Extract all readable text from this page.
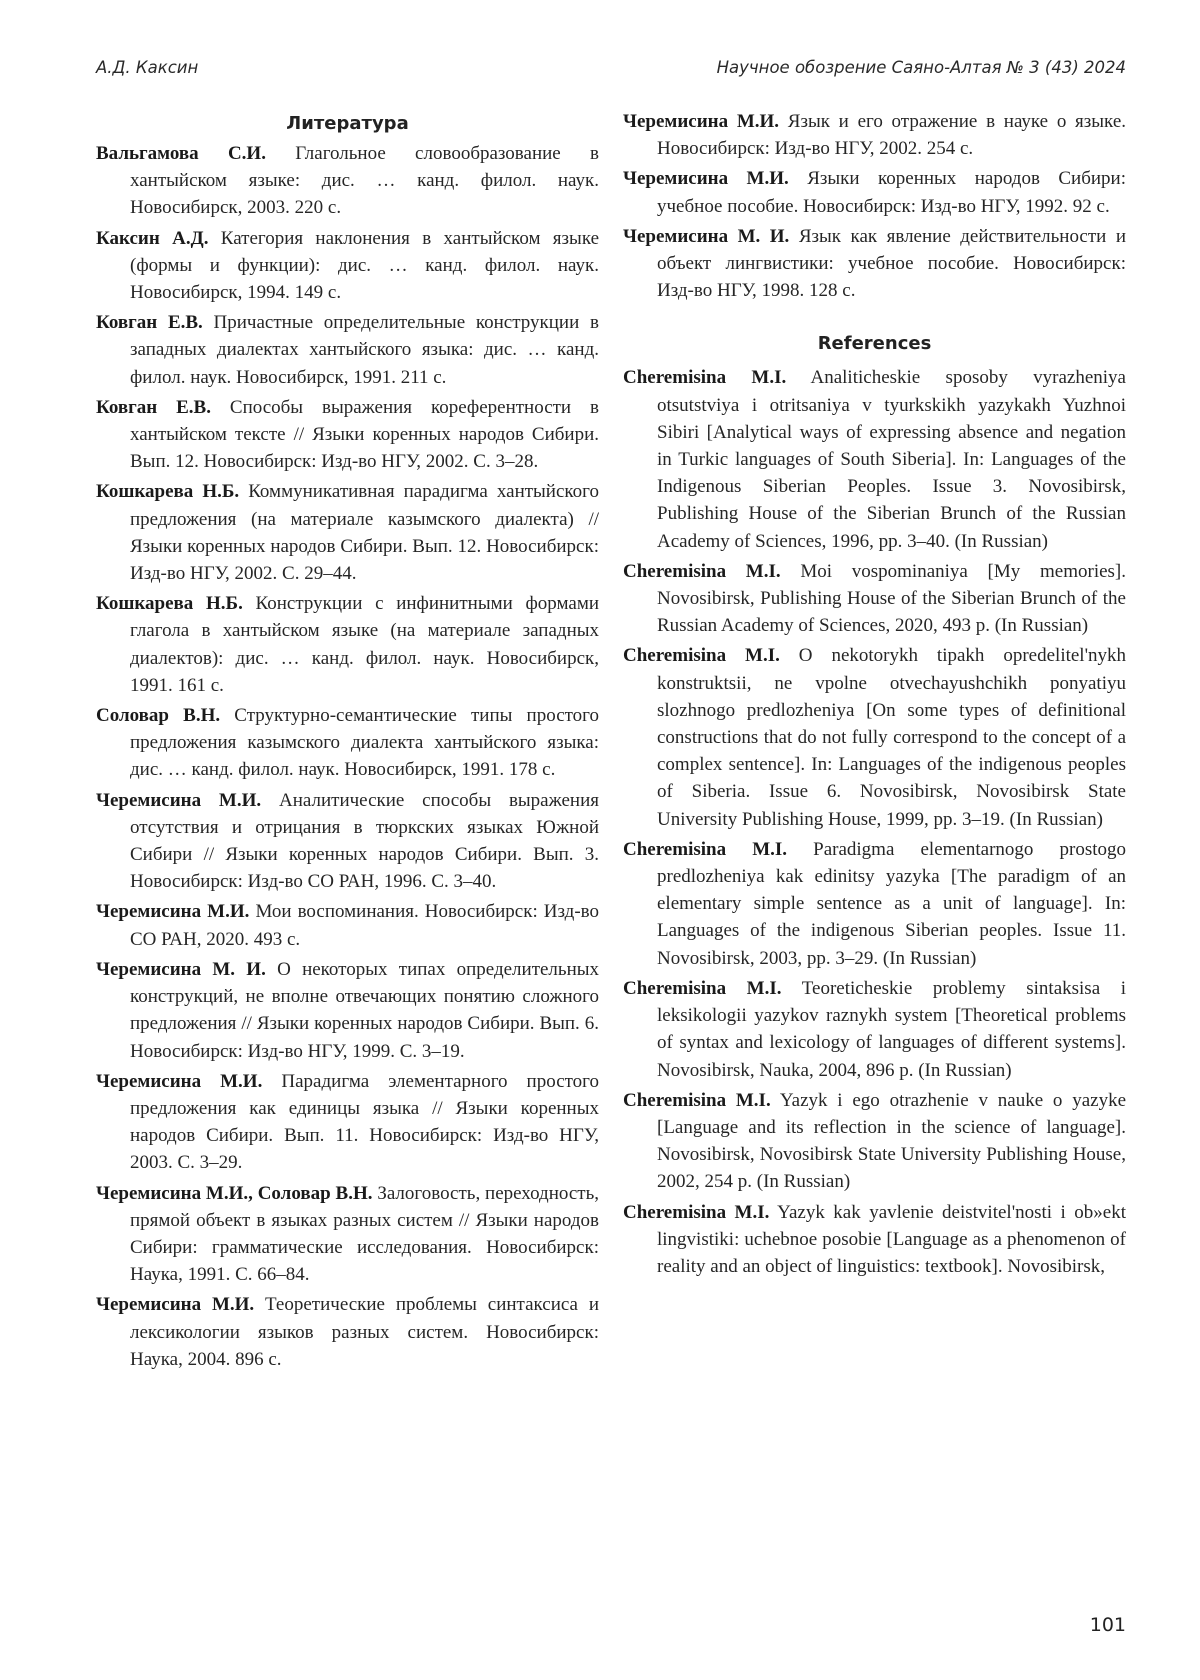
А.Д. Каксин	Научное обозрение Саяно-Алтая № 3 (43) 2024
Литература
Вальгамова С.И. Глагольное словообразование в хантыйском языке: дис. … канд. филол. наук. Новосибирск, 2003. 220 с.
Каксин А.Д. Категория наклонения в хантыйском языке (формы и функции): дис. … канд. филол. наук. Новосибирск, 1994. 149 с.
Ковган Е.В. Причастные определительные конструкции в западных диалектах хантыйского языка: дис. … канд. филол. наук. Новосибирск, 1991. 211 с.
Ковган Е.В. Способы выражения кореферентности в хантыйском тексте // Языки коренных народов Сибири. Вып. 12. Новосибирск: Изд-во НГУ, 2002. С. 3–28.
Кошкарева Н.Б. Коммуникативная парадигма хантыйского предложения (на материале казымского диалекта) // Языки коренных народов Сибири. Вып. 12. Новосибирск: Изд-во НГУ, 2002. С. 29–44.
Кошкарева Н.Б. Конструкции с инфинитными формами глагола в хантыйском языке (на материале западных диалектов): дис. … канд. филол. наук. Новосибирск, 1991. 161 с.
Соловар В.Н. Структурно-семантические типы простого предложения казымского диалекта хантыйского языка: дис. … канд. филол. наук. Новосибирск, 1991. 178 с.
Черемисина М.И. Аналитические способы выражения отсутствия и отрицания в тюркских языках Южной Сибири // Языки коренных народов Сибири. Вып. 3. Новосибирск: Изд-во СО РАН, 1996. С. 3–40.
Черемисина М.И. Мои воспоминания. Новосибирск: Изд-во СО РАН, 2020. 493 с.
Черемисина М. И. О некоторых типах определительных конструкций, не вполне отвечающих понятию сложного предложения // Языки коренных народов Сибири. Вып. 6. Новосибирск: Изд-во НГУ, 1999. С. 3–19.
Черемисина М.И. Парадигма элементарного простого предложения как единицы языка // Языки коренных народов Сибири. Вып. 11. Новосибирск: Изд-во НГУ, 2003. С. 3–29.
Черемисина М.И., Соловар В.Н. Залоговость, переходность, прямой объект в языках разных систем // Языки народов Сибири: грамматические исследования. Новосибирск: Наука, 1991. С. 66–84.
Черемисина М.И. Теоретические проблемы синтаксиса и лексикологии языков разных систем. Новосибирск: Наука, 2004. 896 с.
Черемисина М.И. Язык и его отражение в науке о языке. Новосибирск: Изд-во НГУ, 2002. 254 с.
Черемисина М.И. Языки коренных народов Сибири: учебное пособие. Новосибирск: Изд-во НГУ, 1992. 92 с.
Черемисина М. И. Язык как явление действительности и объект лингвистики: учебное пособие. Новосибирск: Изд-во НГУ, 1998. 128 с.
References
Cheremisina M.I. Analiticheskie sposoby vyrazheniya otsutstviya i otritsaniya v tyurkskikh yazykakh Yuzhnoi Sibiri [Analytical ways of expressing absence and negation in Turkic languages of South Siberia]. In: Languages of the Indigenous Siberian Peoples. Issue 3. Novosibirsk, Publishing House of the Siberian Brunch of the Russian Academy of Sciences, 1996, pp. 3–40. (In Russian)
Cheremisina M.I. Moi vospominaniya [My memories]. Novosibirsk, Publishing House of the Siberian Brunch of the Russian Academy of Sciences, 2020, 493 p. (In Russian)
Cheremisina M.I. O nekotorykh tipakh opredelitel'nykh konstruktsii, ne vpolne otvechayushchikh ponyatiyu slozhnogo predlozheniya [On some types of definitional constructions that do not fully correspond to the concept of a complex sentence]. In: Languages of the indigenous peoples of Siberia. Issue 6. Novosibirsk, Novosibirsk State University Publishing House, 1999, pp. 3–19. (In Russian)
Cheremisina M.I. Paradigma elementarnogo prostogo predlozheniya kak edinitsy yazyka [The paradigm of an elementary simple sentence as a unit of language]. In: Languages of the indigenous Siberian peoples. Issue 11. Novosibirsk, 2003, pp. 3–29. (In Russian)
Cheremisina M.I. Teoreticheskie problemy sintaksisa i leksikologii yazykov raznykh system [Theoretical problems of syntax and lexicology of languages of different systems]. Novosibirsk, Nauka, 2004, 896 p. (In Russian)
Cheremisina M.I. Yazyk i ego otrazhenie v nauke o yazyke [Language and its reflection in the science of language]. Novosibirsk, Novosibirsk State University Publishing House, 2002, 254 p. (In Russian)
Cheremisina M.I. Yazyk kak yavlenie deistvitel'nosti i ob»ekt lingvistiki: uchebnoe posobie [Language as a phenomenon of reality and an object of linguistics: textbook]. Novosibirsk,
101
